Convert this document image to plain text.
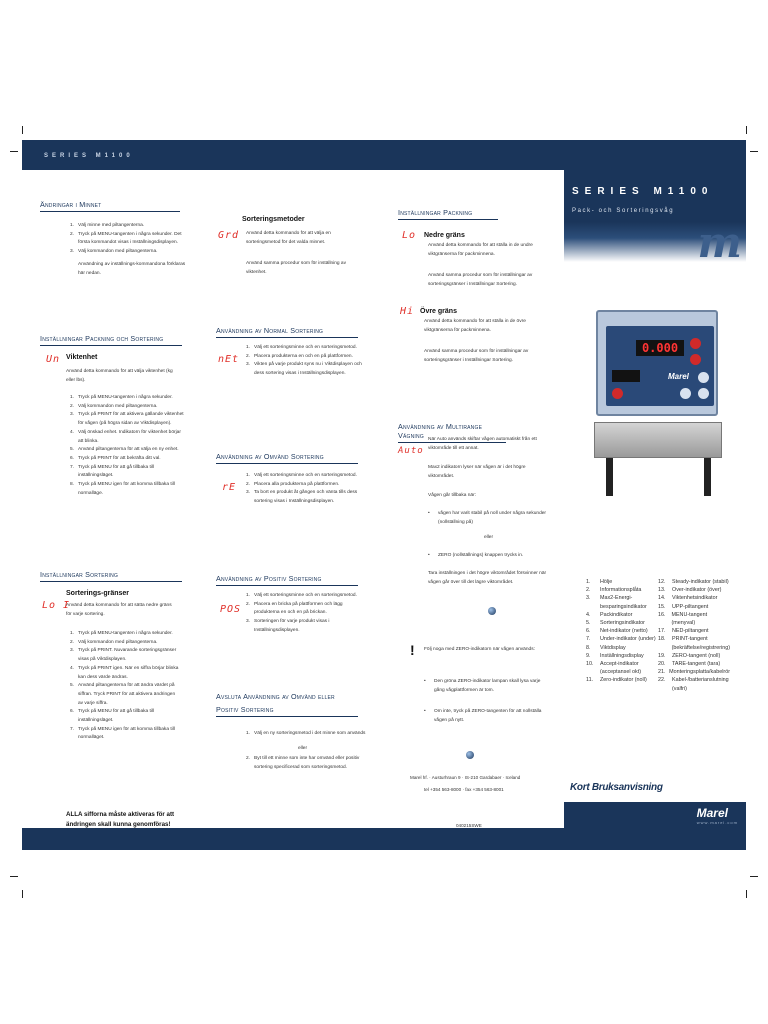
SERIES M1100
Ändringar i Minnet
1. Välj minne med piltangenterna.
2. Tryck på MENU-tangenten i några sekunder. Det
första kommandot visas i Inställningsdisplayen.
3. Välj kommandon med piltangenterna.
Användning av inställnings-kommandona förklaras här nedan.
Inställningar Packning och Sortering
Un Viktenhet
Använd detta kommando för att välja viktenhet (kg eller lbs).
1. Tryck på MENU-tangenten i några sekunder.
2. Välj kommandon med piltangenterna.
3. Tryck på PRINT för att aktivera gällande viktenhet
för vågen (på högra sidan av Viktdisplayen).
4. Välj önskad enhet. Indikatorn för viktenhet börjar
att blinka.
5. Använd piltangenterna för att välja en ny enhet.
6. Tryck på PRINT för att bekräfta ditt val.
7. Tryck på MENU för att gå tillbaka till
inställningsläget.
8. Tryck på MENU igen för att komma tillbaka till
normalläge.
Inställningar Sortering
Lo I
Sorterings-gränser
Använd detta kommando för att sätta nedre gräns för varje sortering.
1. Tryck på MENU-tangenten i några sekunder.
2. Välj kommandon med piltangenterna.
3. Tryck på PRINT. Nuvarande sorteringsgränser
visas på Viktdisplayen.
4. Tryck på PRINT igen. När en siffra börjar blinka
kan dess värde ändras.
5. Använd piltangenterna för att ändra värdet på
siffran. Tryck PRINT för att aktivera ändringen
av varje siffra.
6. Tryck på MENU för att gå tillbaka till
inställningsläget.
7. Tryck på MENU igen för att komma tillbaka till
normalläget.
ALLA sifforna måste aktiveras för att ändringen skall kunna genomföras!
Sorteringsmetoder
Grd Använd detta kommando för att välja en sorteringsmetod för det valda minnet.
Använd samma procedur som för inställning av viktenhet.
Användning av Normal Sortering
nEt
1. Välj ett sorteringsminne och en sorteringsmetod.
2. Placera produkterna en och en på plattformen.
3. Vikten på varje produkt syns nu i Viktdisplayen och
dess sortering visas i Inställningsdisplayen.
Användning av Omvänd Sortering
rE
1. Välj ett sorteringsminne och en sorteringsmetod.
2. Placera alla produkterna på plattformen.
3. Ta bort en produkt åt gången och vänta tills dess
sortering visas i Inställningsdisplayen.
Användning av Positiv Sortering
POS
1. Välj ett sorteringsminne och en sorteringsmetod.
2. Placera en bricka på plattformen och lägg
produkterna en och en på brickan.
3. Sorteringen för varje produkt visas i
Inställningsdisplayen.
Avsluta Användning av Omvänd eller
Positiv Sortering
1. Välj en ny sorteringsmetod i det minne som används
eller
2. Byt till ett minne som inte har omvänd eller positiv sortering specificerad som sorteringsmetod.
Inställningar Packning
Lo Nedre gräns
Använd detta kommando för att ställa in de undre viktgränserna för packminnena.
Använd samma procedur som för inställningar av sorteringsgränser i Inställningar Sortering.
Hi Övre gräns
Använd detta kommando för att ställa in de övre viktgränserna för packminnena.
Använd samma procedur som för inställningar av sorteringsgränser i Inställningar Sortering.
Användning av Multirange Vägning
Auto
När Auto används skiftar vågen automatiskt från ett viktområde till ett annat.
Max2 indikatorn lyser när vågen är i det högre viktområdet.
Vågen går tillbaka när:
•	vågen har varit stabil på noll under några sekunder (nollställning på)
eller
•	ZERO (nollställnings) knappen trycks in.
Tara inställningen i det högre viktområdet försvinner när vågen går över till det lägre viktområdet.
! Följ noga med ZERO-indikatorn när vågen används:
•	Den gröna ZERO-indikator lampan skall lysa varje gång vågplattformen är tom.
•	Om inte, tryck på ZERO-tangenten för att nollställa vågen på nytt.
Marel hf. · Austurhraun 9 · IS-210 Gardabaer · Iceland
tel +354 563-8000 · fax +354 563-8001
040215SWE
SERIES M1100
Pack- och Sorteringsvåg
m
0.000
Marel
1.	Hölje
2.	Informationsplåta
3.	Max2-Energi-
besparingsindikator
4.	Packindikator
5.	Sorteringsindikator
6.	Net-indikator (netto)
7.	Under-indikator (under)
8.	Viktdisplay
9.	Inställningsdisplay
10.	Accept-indikator
(acceptansel okt)
11.	Zero-indikator (noll)
12.	Steady-indikator (stabil)
13.	Over-indikator (över)
14.	Viktenhetsindikator
15.	UPP-piltangent
16.	MENU-tangent (menyval)
17.	NED-piltangent
18.	PRINT-tangent
(bekräftelse/registrering)
19.	ZERO-tangent (noll)
20.	TARE-tangent (tara)
21. Monteringsplatta/kabelrör
22.	Kabel-/batterianslutning
(valfri)
Kort Bruksanvisning
Marel
www.marel.com
